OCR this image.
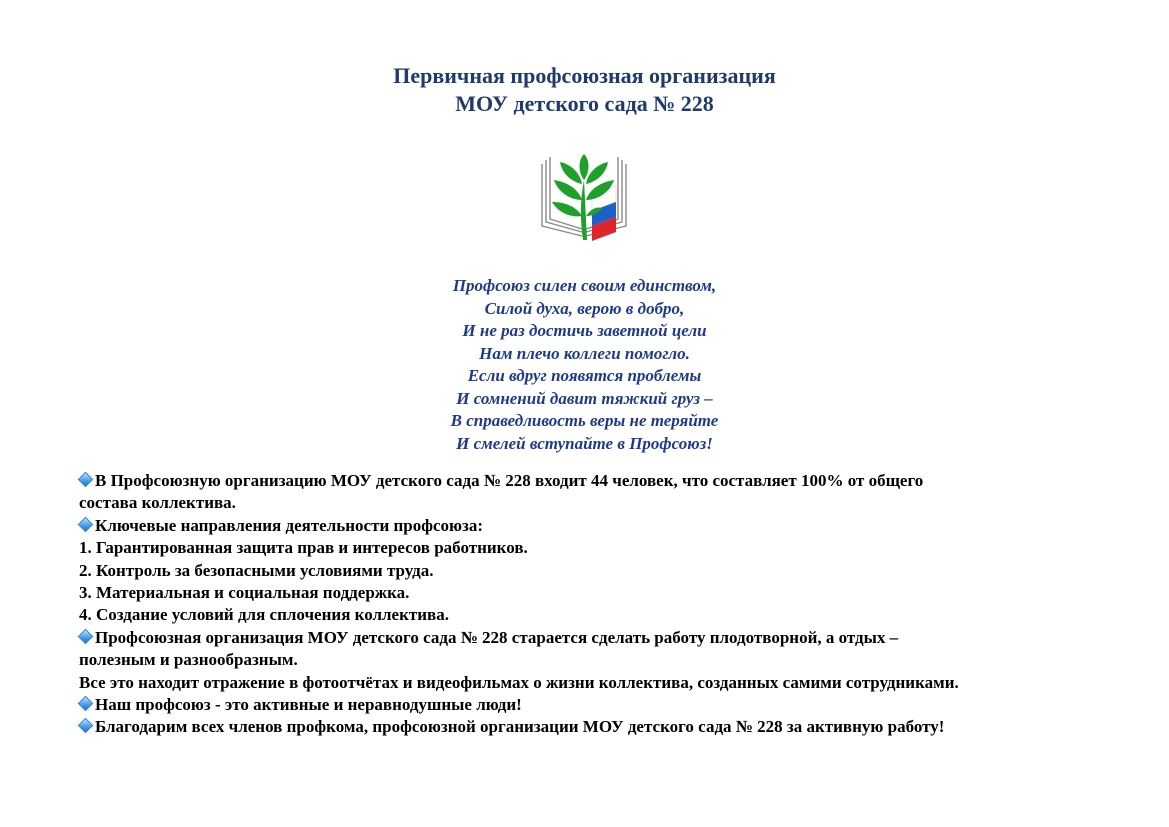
Первичная профсоюзная организация
МОУ детского сада № 228
Профсоюз силен своим единством,
Силой духа, верою в добро,
И не раз достичь заветной цели
Нам плечо коллеги помогло.
Если вдруг появятся проблемы
И сомнений давит тяжкий груз –
В справедливость веры не теряйте
И смелей вступайте в Профсоюз!
В Профсоюзную организацию МОУ детского сада № 228 входит 44 человек, что составляет 100% от общего
состава коллектива.
Ключевые направления деятельности профсоюза:
1. Гарантированная защита прав и интересов работников.
2. Контроль за безопасными условиями труда.
3. Материальная и социальная поддержка.
4. Создание условий для сплочения коллектива.
Профсоюзная организация МОУ детского сада № 228 старается сделать работу плодотворной, а отдых –
полезным и разнообразным.
Все это находит отражение в фотоотчётах и видеофильмах о жизни коллектива, созданных самими сотрудниками.
Наш профсоюз - это активные и неравнодушные люди!
Благодарим всех членов профкома, профсоюзной организации МОУ детского сада № 228 за активную работу!
